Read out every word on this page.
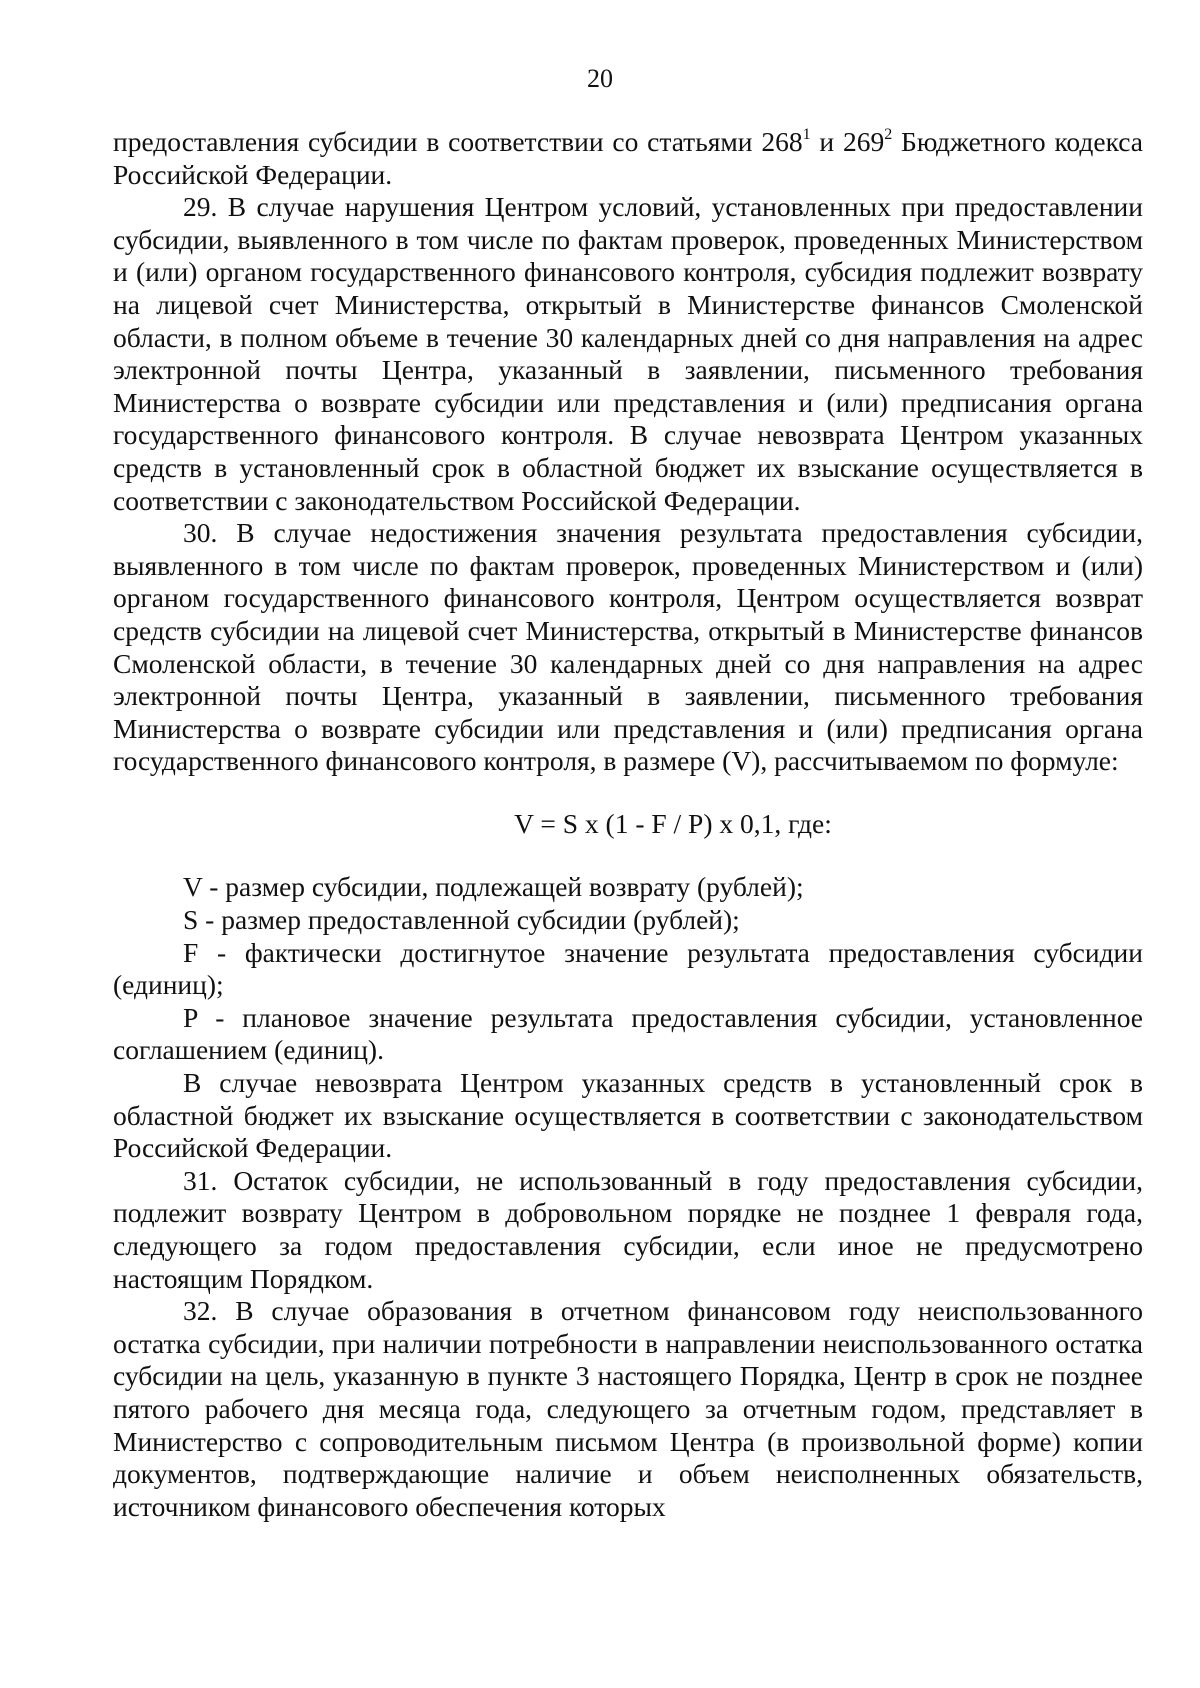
20

предоставления субсидии в соответствии со статьями $268^1$ и $269^2$ Бюджетного кодекса Российской Федерации.

29. В случае нарушения Центром условий, установленных при предоставлении субсидии, выявленного в том числе по фактам проверок, проведенных Министерством и (или) органом государственного финансового контроля, субсидия подлежит возврату на лицевой счет Министерства, открытый в Министерстве финансов Смоленской области, в полном объеме в течение 30 календарных дней со дня направления на адрес электронной почты Центра, указанный в заявлении, письменного требования Министерства о возврате субсидии или представления и (или) предписания органа государственного финансового контроля. В случае невозврата Центром указанных средств в установленный срок в областной бюджет их взыскание осуществляется в соответствии с законодательством Российской Федерации.

30. В случае недостижения значения результата предоставления субсидии, выявленного в том числе по фактам проверок, проведенных Министерством и (или) органом государственного финансового контроля, Центром осуществляется возврат средств субсидии на лицевой счет Министерства, открытый в Министерстве финансов Смоленской области, в течение 30 календарных дней со дня направления на адрес электронной почты Центра, указанный в заявлении, письменного требования Министерства о возврате субсидии или представления и (или) предписания органа государственного финансового контроля, в размере (V), рассчитываемом по формуле:

V = S x (1 - F / P) x 0,1, где:

V - размер субсидии, подлежащей возврату (рублей);

S - размер предоставленной субсидии (рублей);

F - фактически достигнутое значение результата предоставления субсидии (единиц);

P - плановое значение результата предоставления субсидии, установленное соглашением (единиц).

В случае невозврата Центром указанных средств в установленный срок в областной бюджет их взыскание осуществляется в соответствии с законодательством Российской Федерации.

31. Остаток субсидии, не использованный в году предоставления субсидии, подлежит возврату Центром в добровольном порядке не позднее 1 февраля года, следующего за годом предоставления субсидии, если иное не предусмотрено настоящим Порядком.

32. В случае образования в отчетном финансовом году неиспользованного остатка субсидии, при наличии потребности в направлении неиспользованного остатка субсидии на цель, указанную в пункте 3 настоящего Порядка, Центр в срок не позднее пятого рабочего дня месяца года, следующего за отчетным годом, представляет в Министерство с сопроводительным письмом Центра (в произвольной форме) копии документов, подтверждающие наличие и объем неисполненных обязательств, источником финансового обеспечения которых
